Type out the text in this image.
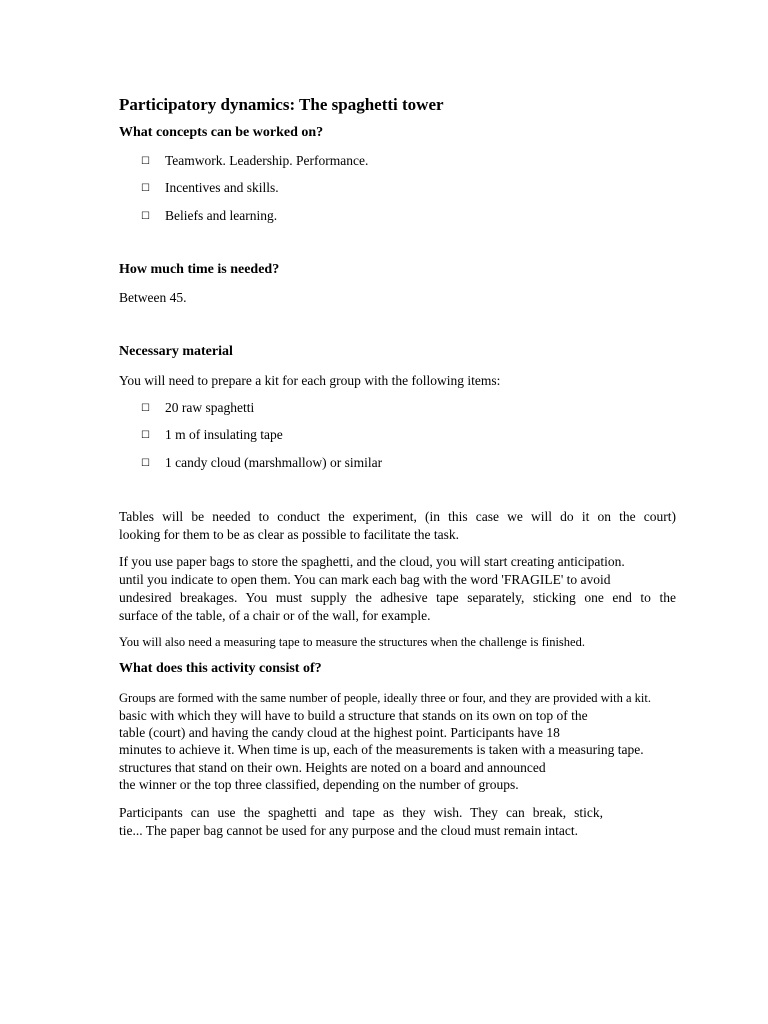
Participatory dynamics: The spaghetti tower
What concepts can be worked on?
☐ Teamwork. Leadership. Performance.
☐ Incentives and skills.
☐ Beliefs and learning.
How much time is needed?

Between 45.

Necessary material

You will need to prepare a kit for each group with the following items:

☐ 20 raw spaghetti
☐ 1 m of insulating tape
☐ 1 candy cloud (marshmallow) or similar

Tables will be needed to conduct the experiment, (in this case we will do it on the court)

looking for them to be as clear as possible to facilitate the task.

If you use paper bags to store the spaghetti, and the cloud, you will start creating anticipation.

until you indicate to open them. You can mark each bag with the word 'FRAGILE' to avoid

undesired breakages. You must supply the adhesive tape separately, sticking one end to the

surface of the table, of a chair or of the wall, for example.

You will also need a measuring tape to measure the structures when the challenge is finished.

What does this activity consist of?

Groups are formed with the same number of people, ideally three or four, and they are provided with a kit.

basic with which they will have to build a structure that stands on its own on top of the

table (court) and having the candy cloud at the highest point. Participants have 18

minutes to achieve it. When time is up, each of the measurements is taken with a measuring tape.

structures that stand on their own. Heights are noted on a board and announced

the winner or the top three classified, depending on the number of groups.

Participants can use the spaghetti and tape as they wish. They can break, stick,

tie... The paper bag cannot be used for any purpose and the cloud must remain intact.
